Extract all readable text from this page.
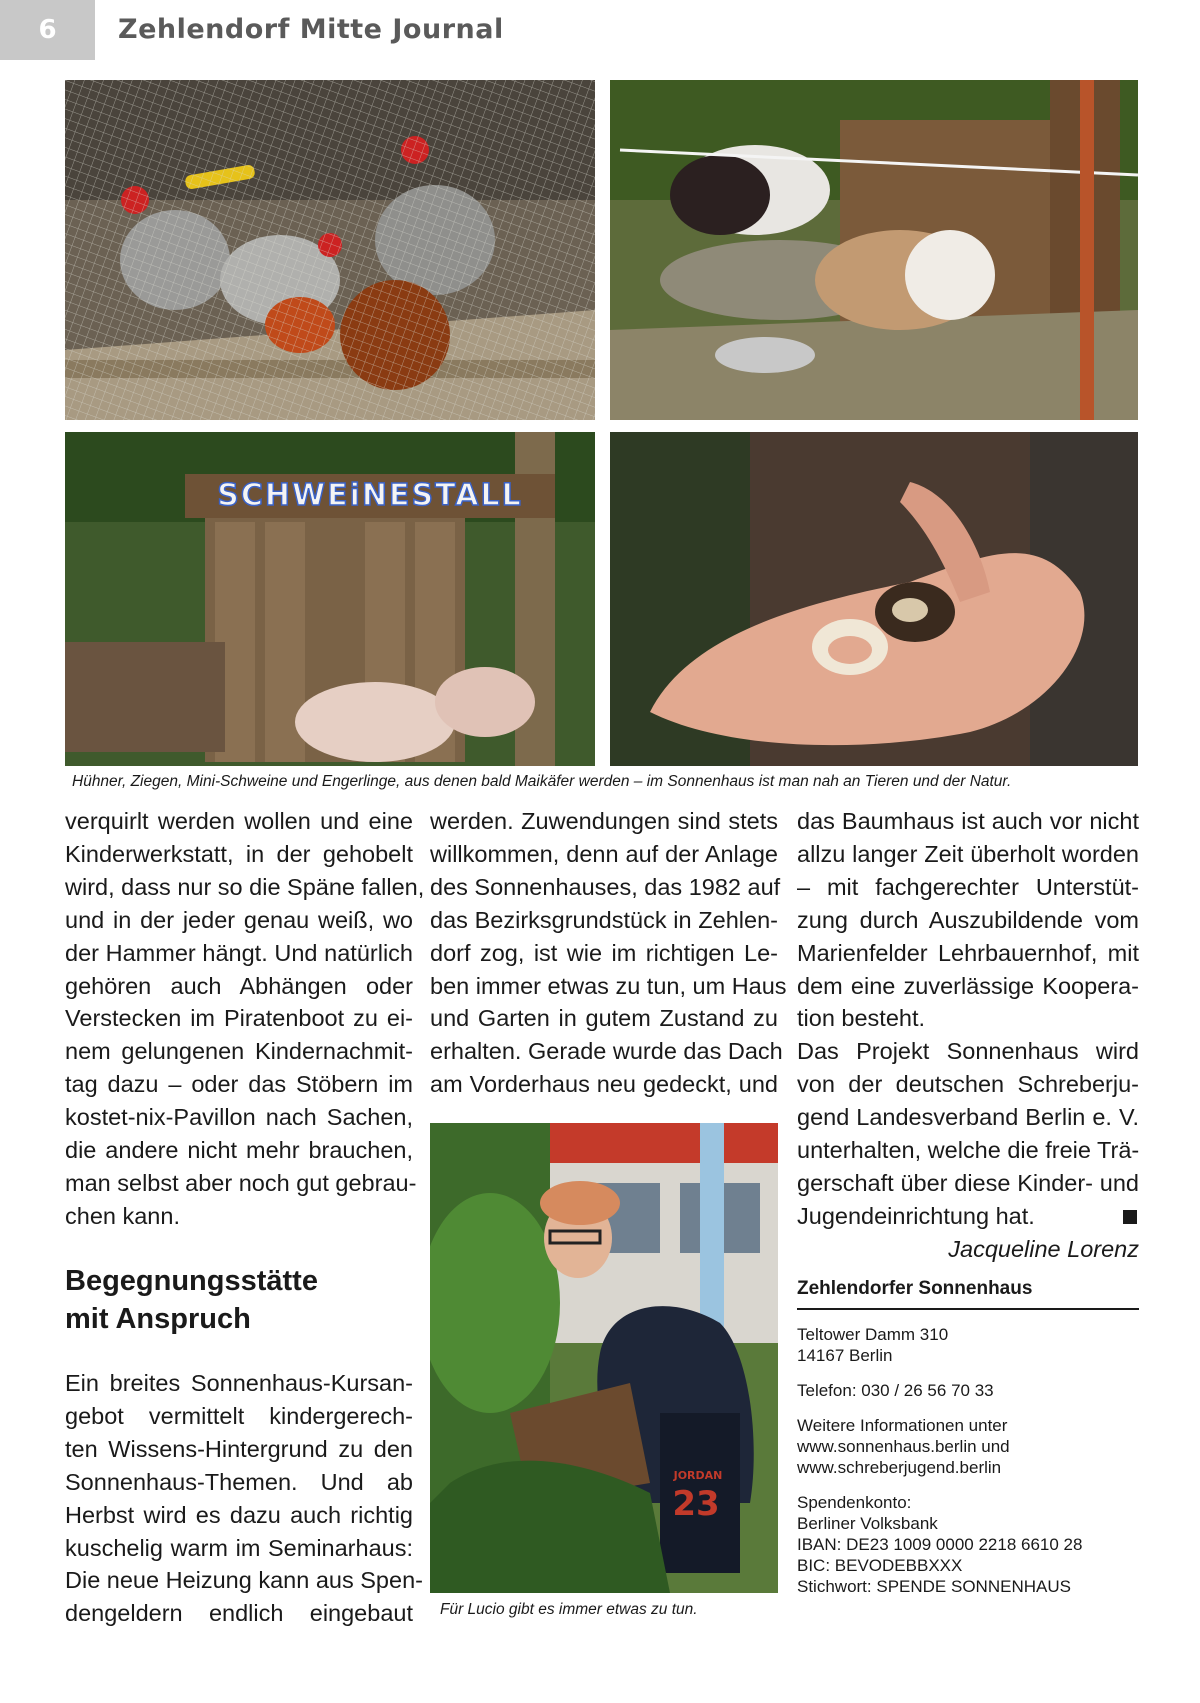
6	Zehlendorf Mitte Journal
SCHWEiNESTALL
Hühner, Ziegen, Mini-Schweine und Engerlinge, aus denen bald Maikäfer werden – im Sonnenhaus ist man nah an Tieren und der Natur.
verquirlt werden wollen und eine
Kinderwerkstatt, in der gehobelt
wird, dass nur so die Späne fallen,
und in der jeder genau weiß, wo
der Hammer hängt. Und natürlich
gehören auch Abhängen oder
Verstecken im Piratenboot zu ei-
nem gelungenen Kindernachmit-
tag dazu – oder das Stöbern im
kostet-nix-Pavillon nach Sachen,
die andere nicht mehr brauchen,
man selbst aber noch gut gebrau-
chen kann.
Begegnungsstätte
mit Anspruch
Ein breites Sonnenhaus-Kursan-
gebot vermittelt kindergerech-
ten Wissens-Hintergrund zu den
Sonnenhaus-Themen. Und ab
Herbst wird es dazu auch richtig
kuschelig warm im Seminarhaus:
Die neue Heizung kann aus Spen-
dengeldern endlich eingebaut
werden. Zuwendungen sind stets
willkommen, denn auf der Anlage
des Sonnenhauses, das 1982 auf
das Bezirksgrundstück in Zehlen-
dorf zog, ist wie im richtigen Le-
ben immer etwas zu tun, um Haus
und Garten in gutem Zustand zu
erhalten. Gerade wurde das Dach
am Vorderhaus neu gedeckt, und
JORDAN
23
Für Lucio gibt es immer etwas zu tun.
das Baumhaus ist auch vor nicht
allzu langer Zeit überholt worden
– mit fachgerechter Unterstüt-
zung durch Auszubildende vom
Marienfelder Lehrbauernhof, mit
dem eine zuverlässige Koopera-
tion besteht.
Das Projekt Sonnenhaus wird
von der deutschen Schreberju-
gend Landesverband Berlin e. V.
unterhalten, welche die freie Trä-
gerschaft über diese Kinder- und
Jugendeinrichtung hat.
Jacqueline Lorenz
Zehlendorfer Sonnenhaus
Teltower Damm 310
14167 Berlin
Telefon: 030 / 26 56 70 33
Weitere Informationen unter
www.sonnenhaus.berlin und
www.schreberjugend.berlin
Spendenkonto:
Berliner Volksbank
IBAN: DE23 1009 0000 2218 6610 28
BIC: BEVODEBBXXX
Stichwort: SPENDE SONNENHAUS
